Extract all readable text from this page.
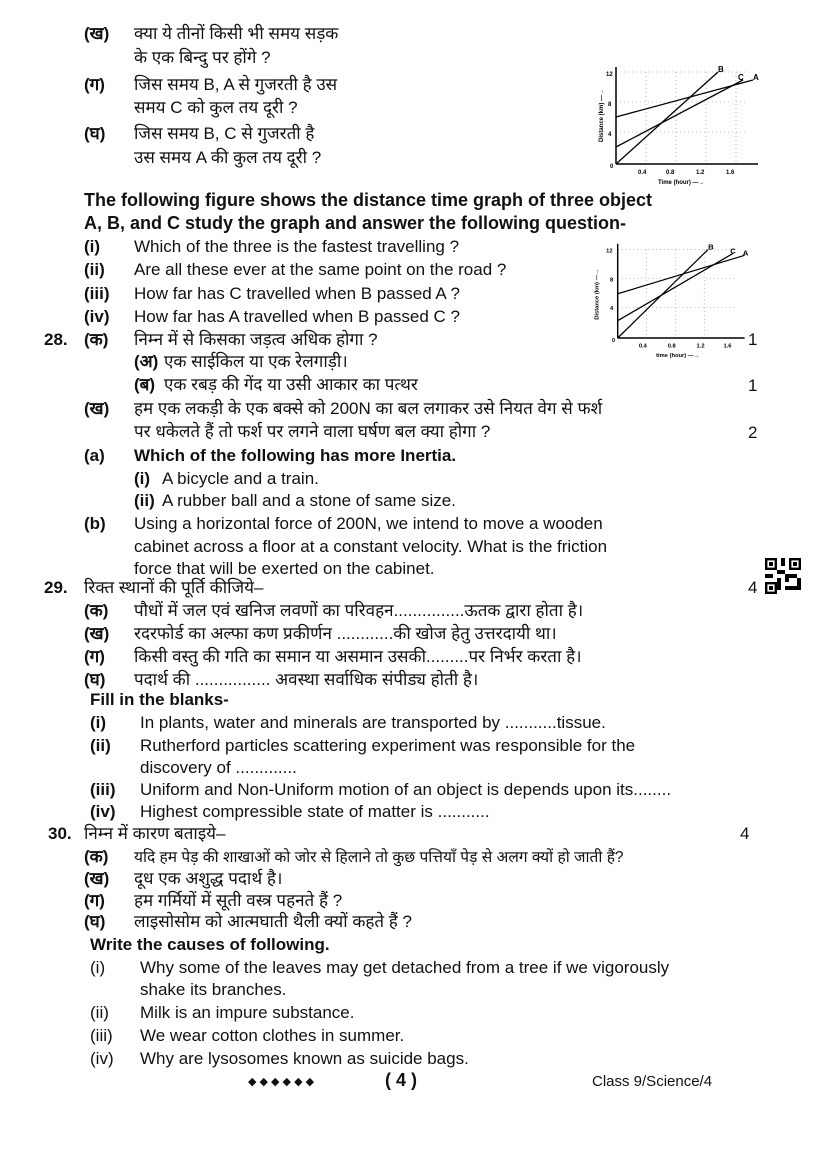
(ख) क्या ये तीनों किसी भी समय सड़क
के एक बिन्दु पर होंगे ?
(ग) जिस समय B, A से गुजरती है उस
समय C को कुल तय दूरी ?
(घ) जिस समय B, C से गुजरती है
उस समय A की कुल तय दूरी ?
B
C A
12
8
4
0
0.4	0.8	1.2	1.6
Time (hour) —→
Distance (km) —→
The following figure shows the distance time graph of three object
A, B, and C study the graph and answer the following question-
(i) Which of the three is the fastest travelling ?
(ii) Are all these ever at the same point on the road ?
(iii) How far has C travelled when B passed A ?
(iv) How far has A travelled when B passed C ?
B C A
12
8
4
0
0.4	0.8	1.2	1.6
time (hour) —→
Distance (km) —→
28. (क) निम्न में से किसका जड़त्व अधिक होगा ?	1
(अ) एक साईकिल या एक रेलगाड़ी।
(ब) एक रबड़ की गेंद या उसी आकार का पत्थर	1
(ख) हम एक लकड़ी के एक बक्से को 200N का बल लगाकर उसे नियत वेग से फर्श
पर धकेलते हैं तो फर्श पर लगने वाला घर्षण बल क्या होगा ?	2
(a) Which of the following has more Inertia.
(i) A bicycle and a train.
(ii) A rubber ball and a stone of same size.
(b) Using a horizontal force of 200N, we intend to move a wooden
cabinet across a floor at a constant velocity. What is the friction
force that will be exerted on the cabinet.
29. रिक्त स्थानों की पूर्ति कीजिये–	4
(क) पौधों में जल एवं खनिज लवणों का परिवहन...............ऊतक द्वारा होता है।
(ख) रदरफोर्ड का अल्फा कण प्रकीर्णन ............की खोज हेतु उत्तरदायी था।
(ग) किसी वस्तु की गति का समान या असमान उसकी.........पर निर्भर करता है।
(घ) पदार्थ की ................ अवस्था सर्वाधिक संपीड्य होती है।
Fill in the blanks-
(i) In plants, water and minerals are transported by ...........tissue.
(ii) Rutherford particles scattering experiment was responsible for the
discovery of .............
(iii) Uniform and Non-Uniform motion of an object is depends upon its........
(iv) Highest compressible state of matter is ...........
30. निम्न में कारण बताइये–	4
(क) यदि हम पेड़ की शाखाओं को जोर से हिलाने तो कुछ पत्तियाँ पेड़ से अलग क्यों हो जाती हैं?
(ख) दूध एक अशुद्ध पदार्थ है।
(ग) हम गर्मियों में सूती वस्त्र पहनते हैं ?
(घ) लाइसोसोम को आत्मघाती थैली क्यों कहते हैं ?
Write the causes of following.
(i) Why some of the leaves may get detached from a tree if we vigorously
shake its branches.
(ii) Milk is an impure substance.
(iii) We wear cotton clothes in summer.
(iv) Why are lysosomes known as suicide bags.
◆ ◆ ◆ ◆ ◆ ◆	( 4 )	Class 9/Science/4
